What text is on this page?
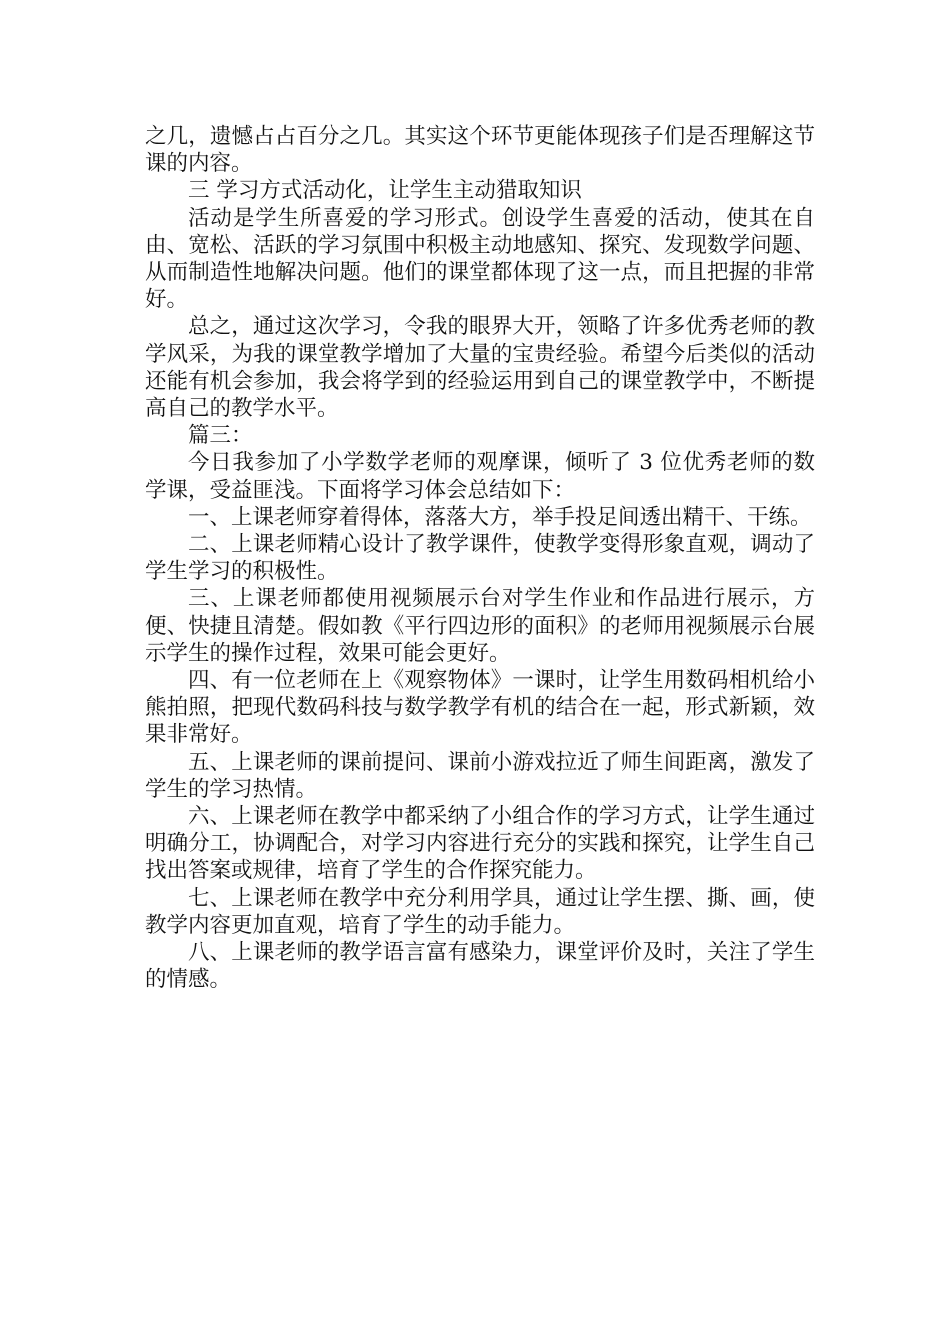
之几，遗憾占占百分之几。其实这个环节更能体现孩子们是否理解这节课的内容。

三 学习方式活动化，让学生主动猎取知识

活动是学生所喜爱的学习形式。创设学生喜爱的活动，使其在自由、宽松、活跃的学习氛围中积极主动地感知、探究、发现数学问题、从而制造性地解决问题。他们的课堂都体现了这一点，而且把握的非常好。

总之，通过这次学习，令我的眼界大开，领略了许多优秀老师的教学风采，为我的课堂教学增加了大量的宝贵经验。希望今后类似的活动还能有机会参加，我会将学到的经验运用到自己的课堂教学中，不断提高自己的教学水平。

篇三：

今日我参加了小学数学老师的观摩课，倾听了 3 位优秀老师的数学课，受益匪浅。下面将学习体会总结如下：

一、上课老师穿着得体，落落大方，举手投足间透出精干、干练。

二、上课老师精心设计了教学课件，使教学变得形象直观，调动了学生学习的积极性。

三、上课老师都使用视频展示台对学生作业和作品进行展示，方便、快捷且清楚。假如教《平行四边形的面积》的老师用视频展示台展示学生的操作过程，效果可能会更好。

四、有一位老师在上《观察物体》一课时，让学生用数码相机给小熊拍照，把现代数码科技与数学教学有机的结合在一起，形式新颖，效果非常好。

五、上课老师的课前提问、课前小游戏拉近了师生间距离，激发了学生的学习热情。

六、上课老师在教学中都采纳了小组合作的学习方式，让学生通过明确分工，协调配合，对学习内容进行充分的实践和探究，让学生自己找出答案或规律，培育了学生的合作探究能力。

七、上课老师在教学中充分利用学具，通过让学生摆、撕、画，使教学内容更加直观，培育了学生的动手能力。

八、上课老师的教学语言富有感染力，课堂评价及时，关注了学生的情感。
